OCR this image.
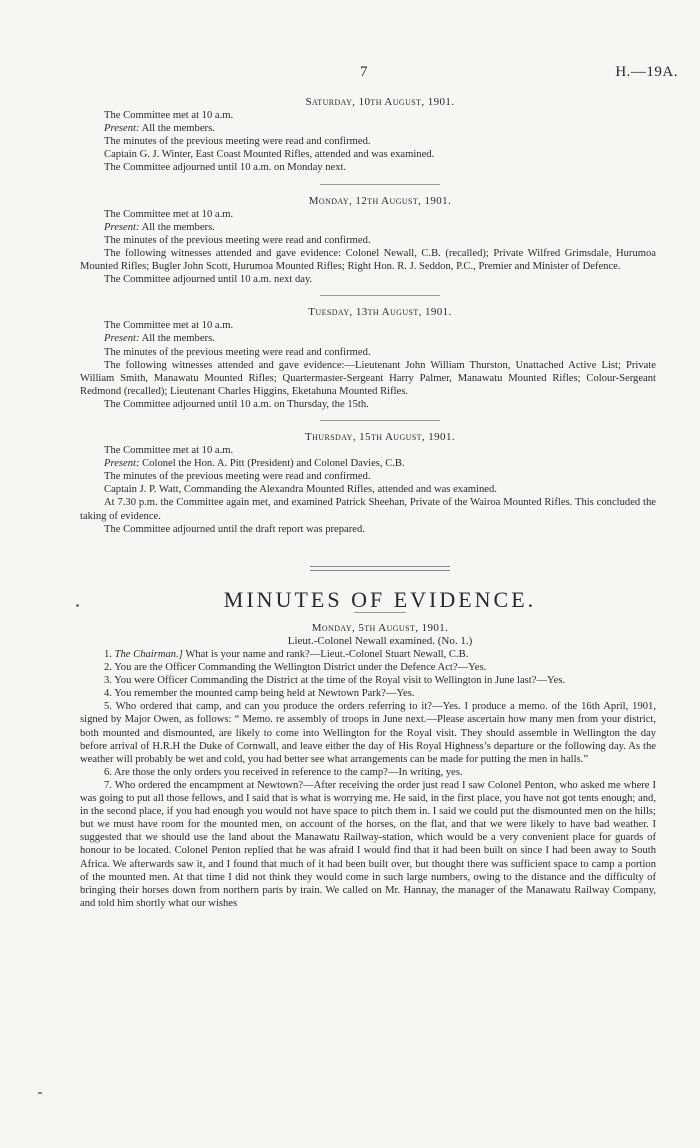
7	H.—19A.

Saturday, 10th August, 1901.

The Committee met at 10 a.m.

Present: All the members.

The minutes of the previous meeting were read and confirmed.

Captain G. J. Winter, East Coast Mounted Rifles, attended and was examined.

The Committee adjourned until 10 a.m. on Monday next.

Monday, 12th August, 1901.

The Committee met at 10 a.m.

Present: All the members.

The minutes of the previous meeting were read and confirmed.

The following witnesses attended and gave evidence: Colonel Newall, C.B. (recalled); Private Wilfred Grimsdale, Hurumoa Mounted Rifles; Bugler John Scott, Hurumoa Mounted Rifles; Right Hon. R. J. Seddon, P.C., Premier and Minister of Defence.

The Committee adjourned until 10 a.m. next day.

Tuesday, 13th August, 1901.

The Committee met at 10 a.m.

Present: All the members.

The minutes of the previous meeting were read and confirmed.

The following witnesses attended and gave evidence:—Lieutenant John William Thurston, Unattached Active List; Private William Smith, Manawatu Mounted Rifles; Quartermaster-Sergeant Harry Palmer, Manawatu Mounted Rifles; Colour-Sergeant Redmond (recalled); Lieutenant Charles Higgins, Eketahuna Mounted Rifles.

The Committee adjourned until 10 a.m. on Thursday, the 15th.

Thursday, 15th August, 1901.

The Committee met at 10 a.m.

Present: Colonel the Hon. A. Pitt (President) and Colonel Davies, C.B.

The minutes of the previous meeting were read and confirmed.

Captain J. P. Watt, Commanding the Alexandra Mounted Rifles, attended and was examined.

At 7.30 p.m. the Committee again met, and examined Patrick Sheehan, Private of the Wairoa Mounted Rifles. This concluded the taking of evidence.

The Committee adjourned until the draft report was prepared.

MINUTES OF EVIDENCE.

Monday, 5th August, 1901.

Lieut.-Colonel Newall examined. (No. 1.)

1. The Chairman.] What is your name and rank?—Lieut.-Colonel Stuart Newall, C.B.

2. You are the Officer Commanding the Wellington District under the Defence Act?—Yes.

3. You were Officer Commanding the District at the time of the Royal visit to Wellington in June last?—Yes.

4. You remember the mounted camp being held at Newtown Park?—Yes.

5. Who ordered that camp, and can you produce the orders referring to it?—Yes. I produce a memo. of the 16th April, 1901, signed by Major Owen, as follows: “ Memo. re assembly of troops in June next.—Please ascertain how many men from your district, both mounted and dismounted, are likely to come into Wellington for the Royal visit. They should assemble in Wellington the day before arrival of H.R.H the Duke of Cornwall, and leave either the day of His Royal Highness’s departure or the following day. As the weather will probably be wet and cold, you had better see what arrangements can be made for putting the men in halls.”

6. Are those the only orders you received in reference to the camp?—In writing, yes.

7. Who ordered the encampment at Newtown?—After receiving the order just read I saw Colonel Penton, who asked me where I was going to put all those fellows, and I said that is what is worrying me. He said, in the first place, you have not got tents enough; and, in the second place, if you had enough you would not have space to pitch them in. I said we could put the dismounted men on the hills; but we must have room for the mounted men, on account of the horses, on the flat, and that we were likely to have bad weather. I suggested that we should use the land about the Manawatu Railway-station, which would be a very convenient place for guards of honour to be located. Colonel Penton replied that he was afraid I would find that it had been built on since I had been away to South Africa. We afterwards saw it, and I found that much of it had been built over, but thought there was sufficient space to camp a portion of the mounted men. At that time I did not think they would come in such large numbers, owing to the distance and the difficulty of bringing their horses down from northern parts by train. We called on Mr. Hannay, the manager of the Manawatu Railway Company, and told him shortly what our wishes
